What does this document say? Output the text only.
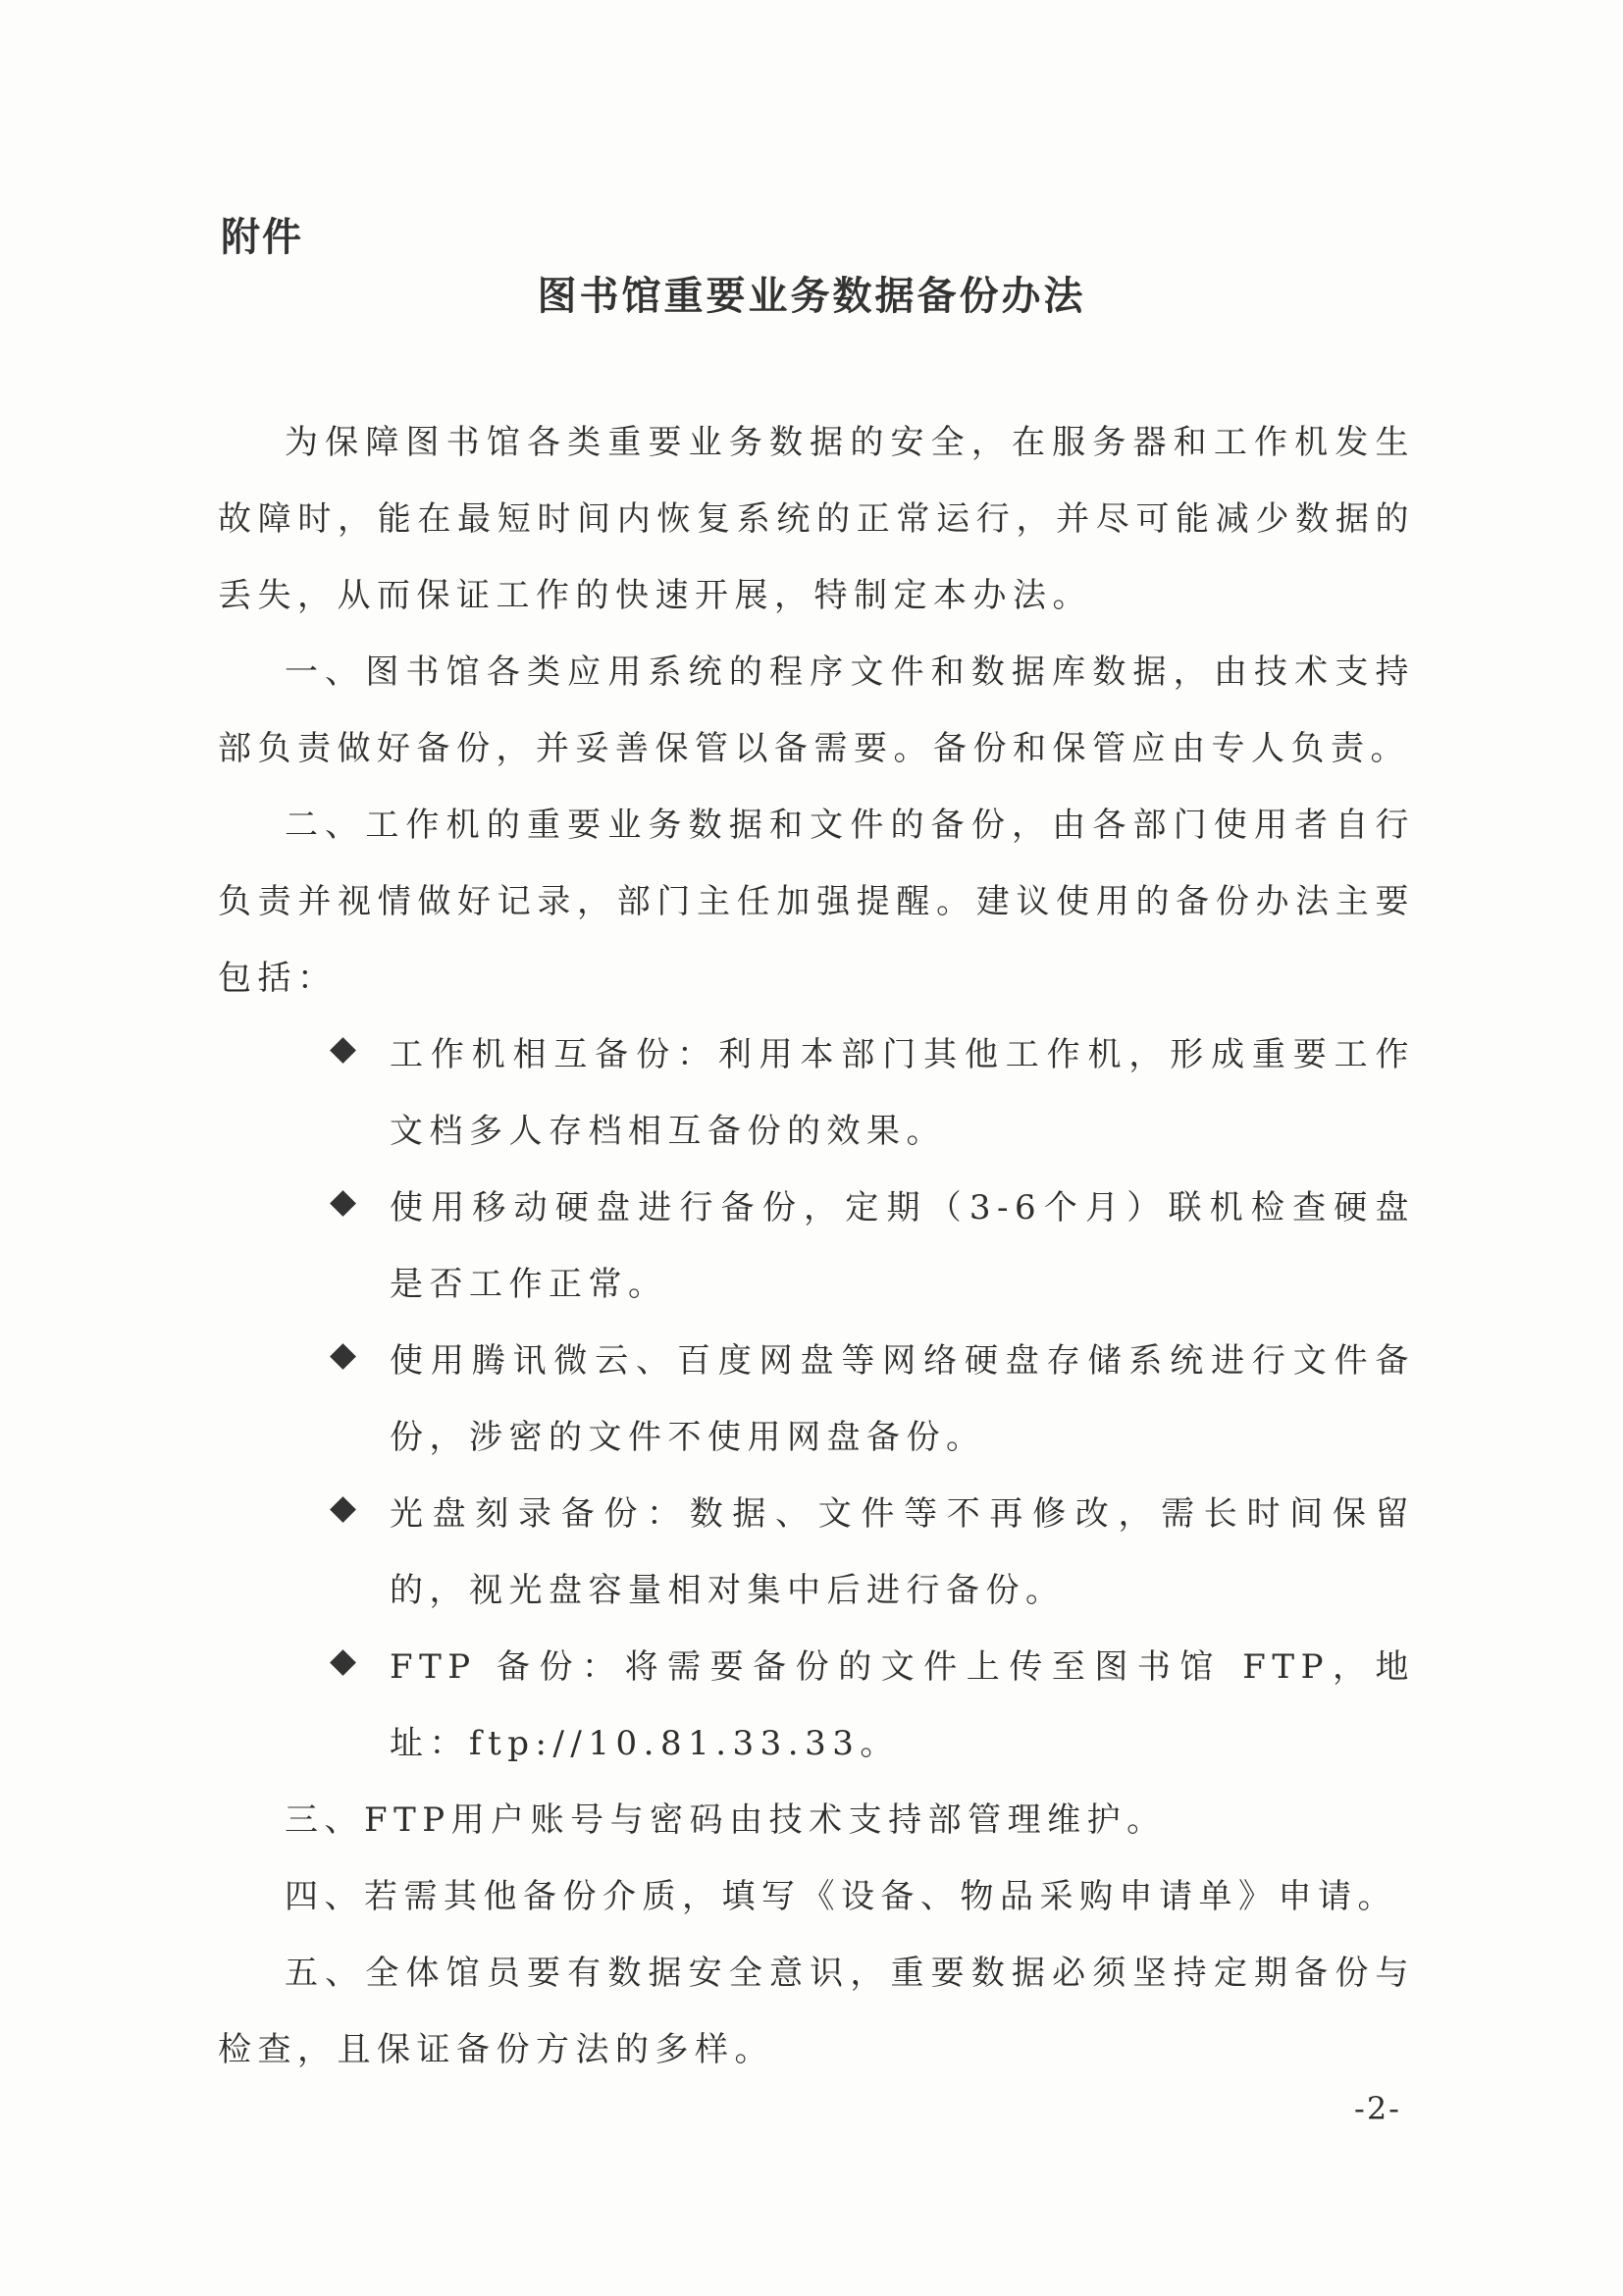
附件
图书馆重要业务数据备份办法

为保障图书馆各类重要业务数据的安全，在服务器和工作机发生故障时，能在最短时间内恢复系统的正常运行，并尽可能减少数据的丢失，从而保证工作的快速开展，特制定本办法。

一、图书馆各类应用系统的程序文件和数据库数据，由技术支持部负责做好备份，并妥善保管以备需要。备份和保管应由专人负责。

二、工作机的重要业务数据和文件的备份，由各部门使用者自行负责并视情做好记录，部门主任加强提醒。建议使用的备份办法主要包括：

工作机相互备份：利用本部门其他工作机，形成重要工作文档多人存档相互备份的效果。
使用移动硬盘进行备份，定期（3-6个月）联机检查硬盘是否工作正常。
使用腾讯微云、百度网盘等网络硬盘存储系统进行文件备份，涉密的文件不使用网盘备份。
光盘刻录备份：数据、文件等不再修改，需长时间保留的，视光盘容量相对集中后进行备份。
FTP 备份：将需要备份的文件上传至图书馆 FTP，地址：ftp://10.81.33.33。

三、FTP用户账号与密码由技术支持部管理维护。

四、若需其他备份介质，填写《设备、物品采购申请单》申请。

五、全体馆员要有数据安全意识，重要数据必须坚持定期备份与检查，且保证备份方法的多样。

-2-
